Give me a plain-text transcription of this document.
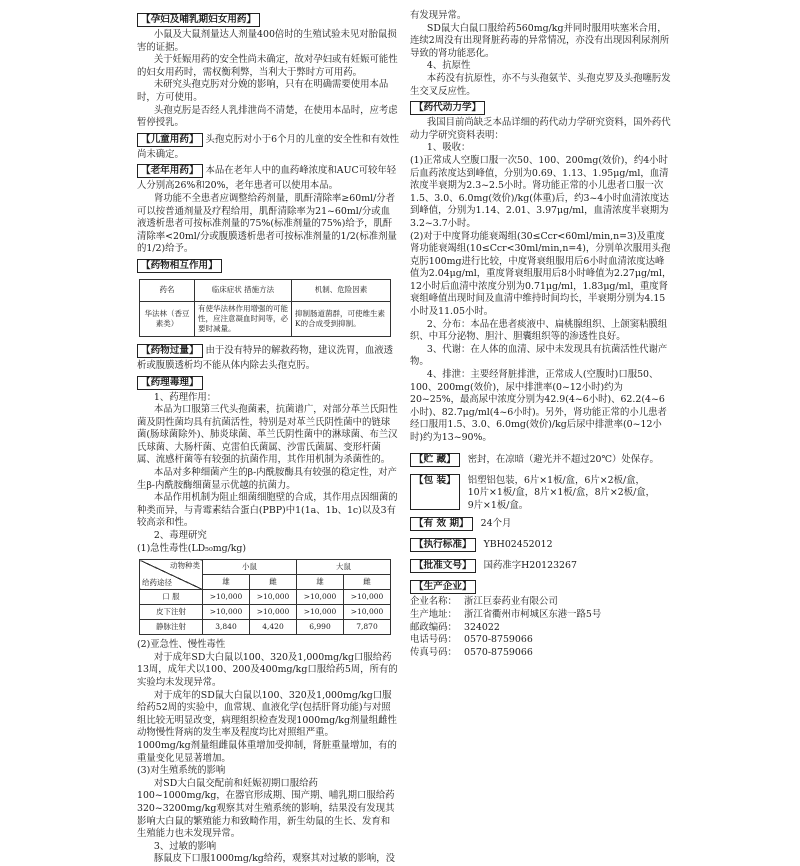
【孕妇及哺乳期妇女用药】

小鼠及大鼠剂量达人剂量400倍时的生殖试验未见对胎鼠损害的证据。

关于妊娠用药的安全性尚未确定，故对孕妇或有妊娠可能性的妇女用药时，需权衡利弊，当利大于弊时方可用药。

未研究头孢克肟对分娩的影响，只有在明确需要使用本品时，方可使用。

头孢克肟是否经人乳排泄尚不清楚，在使用本品时，应考虑暂停授乳。

【儿童用药】 头孢克肟对小于6个月的儿童的安全性和有效性尚未确定。
【老年用药】 本品在老年人中的血药峰浓度和AUC可较年轻人分别高26%和20%，老年患者可以使用本品。

肾功能不全患者应调整给药剂量，肌酐清除率≥60ml/分者可以按普通剂量及疗程给用，肌酐清除率为21~60ml/分或血液透析患者可按标准剂量的75%(标准剂量的75%)给予，肌酐清除率<20ml/分或腹膜透析患者可按标准剂量的1/2(标准剂量的1/2)给予。

【药物相互作用】
药名	临床症状 措施方法	机制、危险因素
华法林（香豆素类）	有使华法林作用增强的可能性，应注意凝血时间等，必要时减量。	抑制肠道菌群，可使维生素K的合成受到抑制。
【药物过量】 由于没有特异的解救药物，建议洗胃，血液透析或腹膜透析均不能从体内除去头孢克肟。
【药理毒理】

1、药理作用：

本品为口服第三代头孢菌素，抗菌谱广，对部分革兰氏阳性菌及阴性菌均具有抗菌活性，特别是对革兰氏阴性菌中的链球菌(肠球菌除外)、肺炎球菌、革兰氏阴性菌中的淋球菌、布兰汉氏球菌、大肠杆菌、克雷伯氏菌属、沙雷氏菌属、变形杆菌属、流感杆菌等有较强的抗菌作用，其作用机制为杀菌性的。

本品对多种细菌产生的β-内酰胺酶具有较强的稳定性，对产生β-内酰胺酶细菌显示优越的抗菌力。

本品作用机制为阻止细菌细胞壁的合成，其作用点因细菌的种类而异，与青霉素结合蛋白(PBP)中1(1a、1b、1c)以及3有较高亲和性。

2、毒理研究

(1)急性毒性(LD₅₀mg/kg)

动物种类
给药途径	小鼠		大鼠	
	雄	雌	雄	雌
口 服	>10,000	>10,000	>10,000	>10,000
皮下注射	>10,000	>10,000	>10,000	>10,000
静脉注射	3,840	4,420	6,990	7,870

(2)亚急性、慢性毒性

对于成年SD大白鼠以100、320及1,000mg/kg口服给药13周，成年犬以100、200及400mg/kg口服给药5周，所有的实验均未发现异常。

对于成年的SD鼠大白鼠以100、320及1,000mg/kg口服给药52周的实验中，血常规、血液化学(包括肝肾功能)与对照组比较无明显改变，病理组织检查发现1000mg/kg剂量组雌性动物慢性肾病的发生率及程度均比对照组严重。

1000mg/kg剂量组雌鼠体重增加受抑制，肾脏重量增加，有的重量变化见显著增加。

(3)对生殖系统的影响

对SD大白鼠交配前和妊娠初期口服给药100~1000mg/kg，在器官形成期、围产期、哺乳期口服给药320~3200mg/kg观察其对生殖系统的影响，结果没有发现其影响大白鼠的繁殖能力和致畸作用，新生幼鼠的生长、发育和生殖能力也未发现异常。

3、过敏的影响

豚鼠皮下口服1000mg/kg给药，观察其对过敏的影响，没

有发现异常。

SD鼠大白鼠口服给药560mg/kg并同时服用呋塞米合用，连续2周没有出现肾脏药毒的异常情况，亦没有出现因利尿剂所导致的肾功能恶化。

4、抗原性

本药没有抗原性，亦不与头孢氨苄、头孢克罗及头孢噻肟发生交叉反应性。

【药代动力学】

我国目前尚缺乏本品详细的药代动力学研究资料，国外药代动力学研究资料表明：

1、吸收：

(1)正常成人空腹口服一次50、100、200mg(效价)，约4小时后血药浓度达到峰值，分别为0.69、1.13、1.95μg/ml，血清浓度半衰期为2.3~2.5小时。肾功能正常的小儿患者口服一次1.5、3.0、6.0mg(效价)/kg(体重)后，约3~4小时血清浓度达到峰值，分别为1.14、2.01、3.97μg/ml，血清浓度半衰期为3.2~3.7小时。

(2)对于中度肾功能衰竭组(30≤Ccr<60ml/min,n=3)及重度肾功能衰竭组(10≤Ccr<30ml/min,n=4)，分别单次服用头孢克肟100mg进行比较，中度肾衰组服用后6小时血清浓度达峰值为2.04μg/ml，重度肾衰组服用后8小时峰值为2.27μg/ml，12小时后血清中浓度分别为0.71μg/ml，1.83μg/ml，重度肾衰组峰值出现时间及血清中维持时间均长，半衰期分别为4.15小时及11.05小时。

2、分布：本品在患者痰液中、扁桃腺组织、上颌窦粘膜组织、中耳分泌物、胆汁、胆囊组织等的渗透性良好。

3、代谢：在人体的血清、尿中未发现具有抗菌活性代谢产物。

4、排泄：主要经肾脏排泄，正常成人(空腹时)口服50、100、200mg(效价)，尿中排泄率(0~12小时)约为20~25%，最高尿中浓度分别为42.9(4~6小时)、62.2(4~6小时)、82.7μg/ml(4~6小时)。另外，肾功能正常的小儿患者经口服用1.5、3.0、6.0mg(效价)/kg后尿中排泄率(0~12小时)约为13~90%。

【贮 藏】	密封，在凉暗（避光并不超过20℃）处保存。
【包 装】	铝塑铝包装，6片×1板/盒，6片×2板/盒，
10片×1板/盒，8片×1板/盒，8片×2板/盒，
9片×1板/盒。
【有 效 期】	24个月
【执行标准】	YBH02452012
【批准文号】	国药准字H20123267
【生产企业】
企业名称： 浙江巨泰药业有限公司
生产地址： 浙江省衢州市柯城区东港一路5号
邮政编码： 324022
电话号码： 0570-8759066
传真号码： 0570-8759066
